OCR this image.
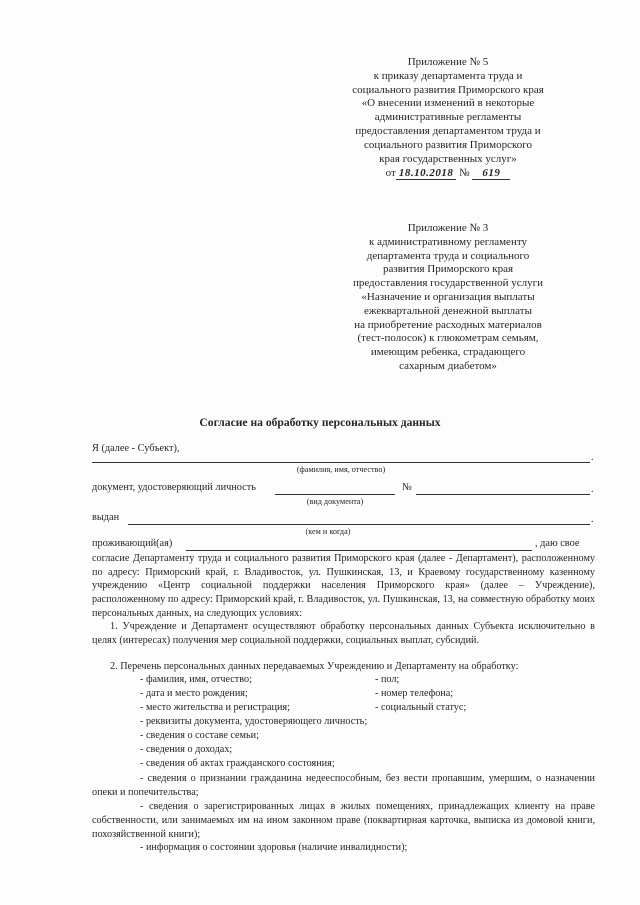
Приложение № 5
к приказу департамента труда и
социального развития Приморского края
«О внесении изменений в некоторые
административные регламенты
предоставления департаментом труда и
социального развития Приморского
края государственных услуг»
от 18.10.2018 № 619
Приложение № 3
к административному регламенту
департамента труда и социального
развития Приморского края
предоставления государственной услуги
«Назначение и организация выплаты
ежеквартальной денежной выплаты
на приобретение расходных материалов
(тест-полосок) к глюкометрам семьям,
имеющим ребенка, страдающего
сахарным диабетом»
Согласие на обработку персональных данных
Я (далее - Субъект),
.
(фамилия, имя, отчество)
документ, удостоверяющий личность	№	.
(вид документа)
выдан	.
(кем и когда)
проживающий(ая)	, даю свое
согласие Департаменту труда и социального развития Приморского края (далее - Департамент), расположенному по адресу: Приморский край, г. Владивосток, ул. Пушкинская, 13, и Краевому государственному казенному учреждению «Центр социальной поддержки населения Приморского края» (далее – Учреждение), расположенному по адресу: Приморский край, г. Владивосток, ул. Пушкинская, 13, на совместную обработку моих персональных данных, на следующих условиях:
1. Учреждение и Департамент осуществляют обработку персональных данных Субъекта исключительно в целях (интересах) получения мер социальной поддержки, социальных выплат, субсидий.
2. Перечень персональных данных передаваемых Учреждению и Департаменту на обработку:
- фамилия, имя, отчество;
- дата и место рождения;
- место жительства и регистрация;
- пол;
- номер телефона;
- социальный статус;
- реквизиты документа, удостоверяющего личность;
- сведения о составе семьи;
- сведения о доходах;
- сведения об актах гражданского состояния;
- сведения о признании гражданина недееспособным, без вести пропавшим, умершим, о назначении опеки и попечительства;
- сведения о зарегистрированных лицах в жилых помещениях, принадлежащих клиенту на праве собственности, или занимаемых им на ином законном праве (поквартирная карточка, выписка из домовой книги, похозяйственной книги);
- информация о состоянии здоровья (наличие инвалидности);
